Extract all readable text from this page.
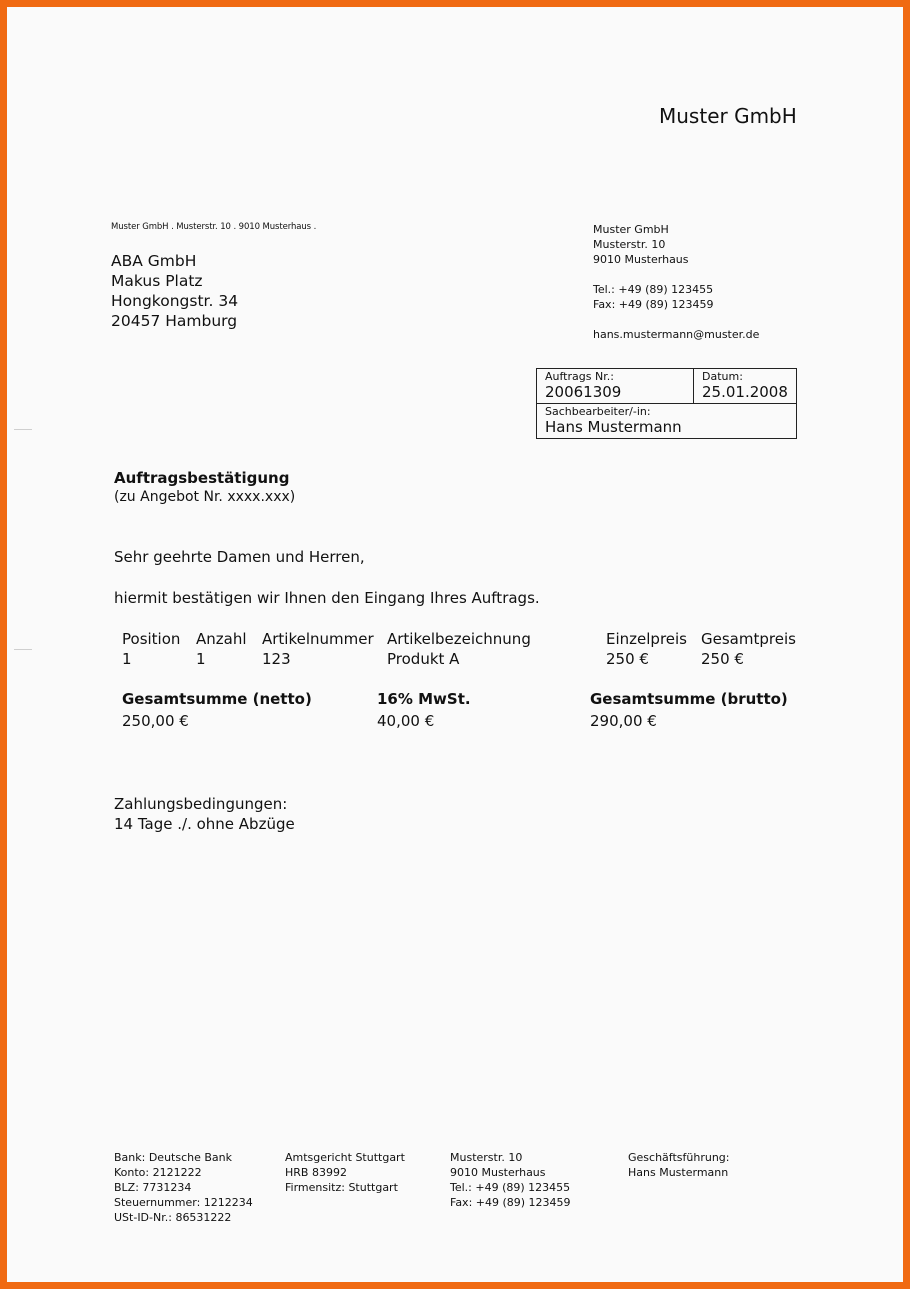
Muster GmbH
Muster GmbH . Musterstr. 10 . 9010 Musterhaus .
ABA GmbH
Makus Platz
Hongkongstr. 34
20457 Hamburg
Muster GmbH
Musterstr. 10
9010 Musterhaus
Tel.: +49 (89) 123455
Fax: +49 (89) 123459
hans.mustermann@muster.de
Auftrags Nr.:
20061309
Datum:
25.01.2008
Sachbearbeiter/-in:
Hans Mustermann
Auftragsbestätigung
(zu Angebot Nr. xxxx.xxx)
Sehr geehrte Damen und Herren,
hiermit bestätigen wir Ihnen den Eingang Ihres Auftrags.
Position Anzahl Artikelnummer Artikelbezeichnung	Einzelpreis Gesamtpreis
1	1	123	Produkt A	250 €	250 €
Gesamtsumme (netto)
250,00 €
16% MwSt.
40,00 €
Gesamtsumme (brutto)
290,00 €
Zahlungsbedingungen:
14 Tage ./. ohne Abzüge
Bank: Deutsche Bank
Konto: 2121222
BLZ: 7731234
Steuernummer: 1212234
USt-ID-Nr.: 86531222
Amtsgericht Stuttgart
HRB 83992
Firmensitz: Stuttgart
Musterstr. 10
9010 Musterhaus
Tel.: +49 (89) 123455
Fax: +49 (89) 123459
Geschäftsführung:
Hans Mustermann
